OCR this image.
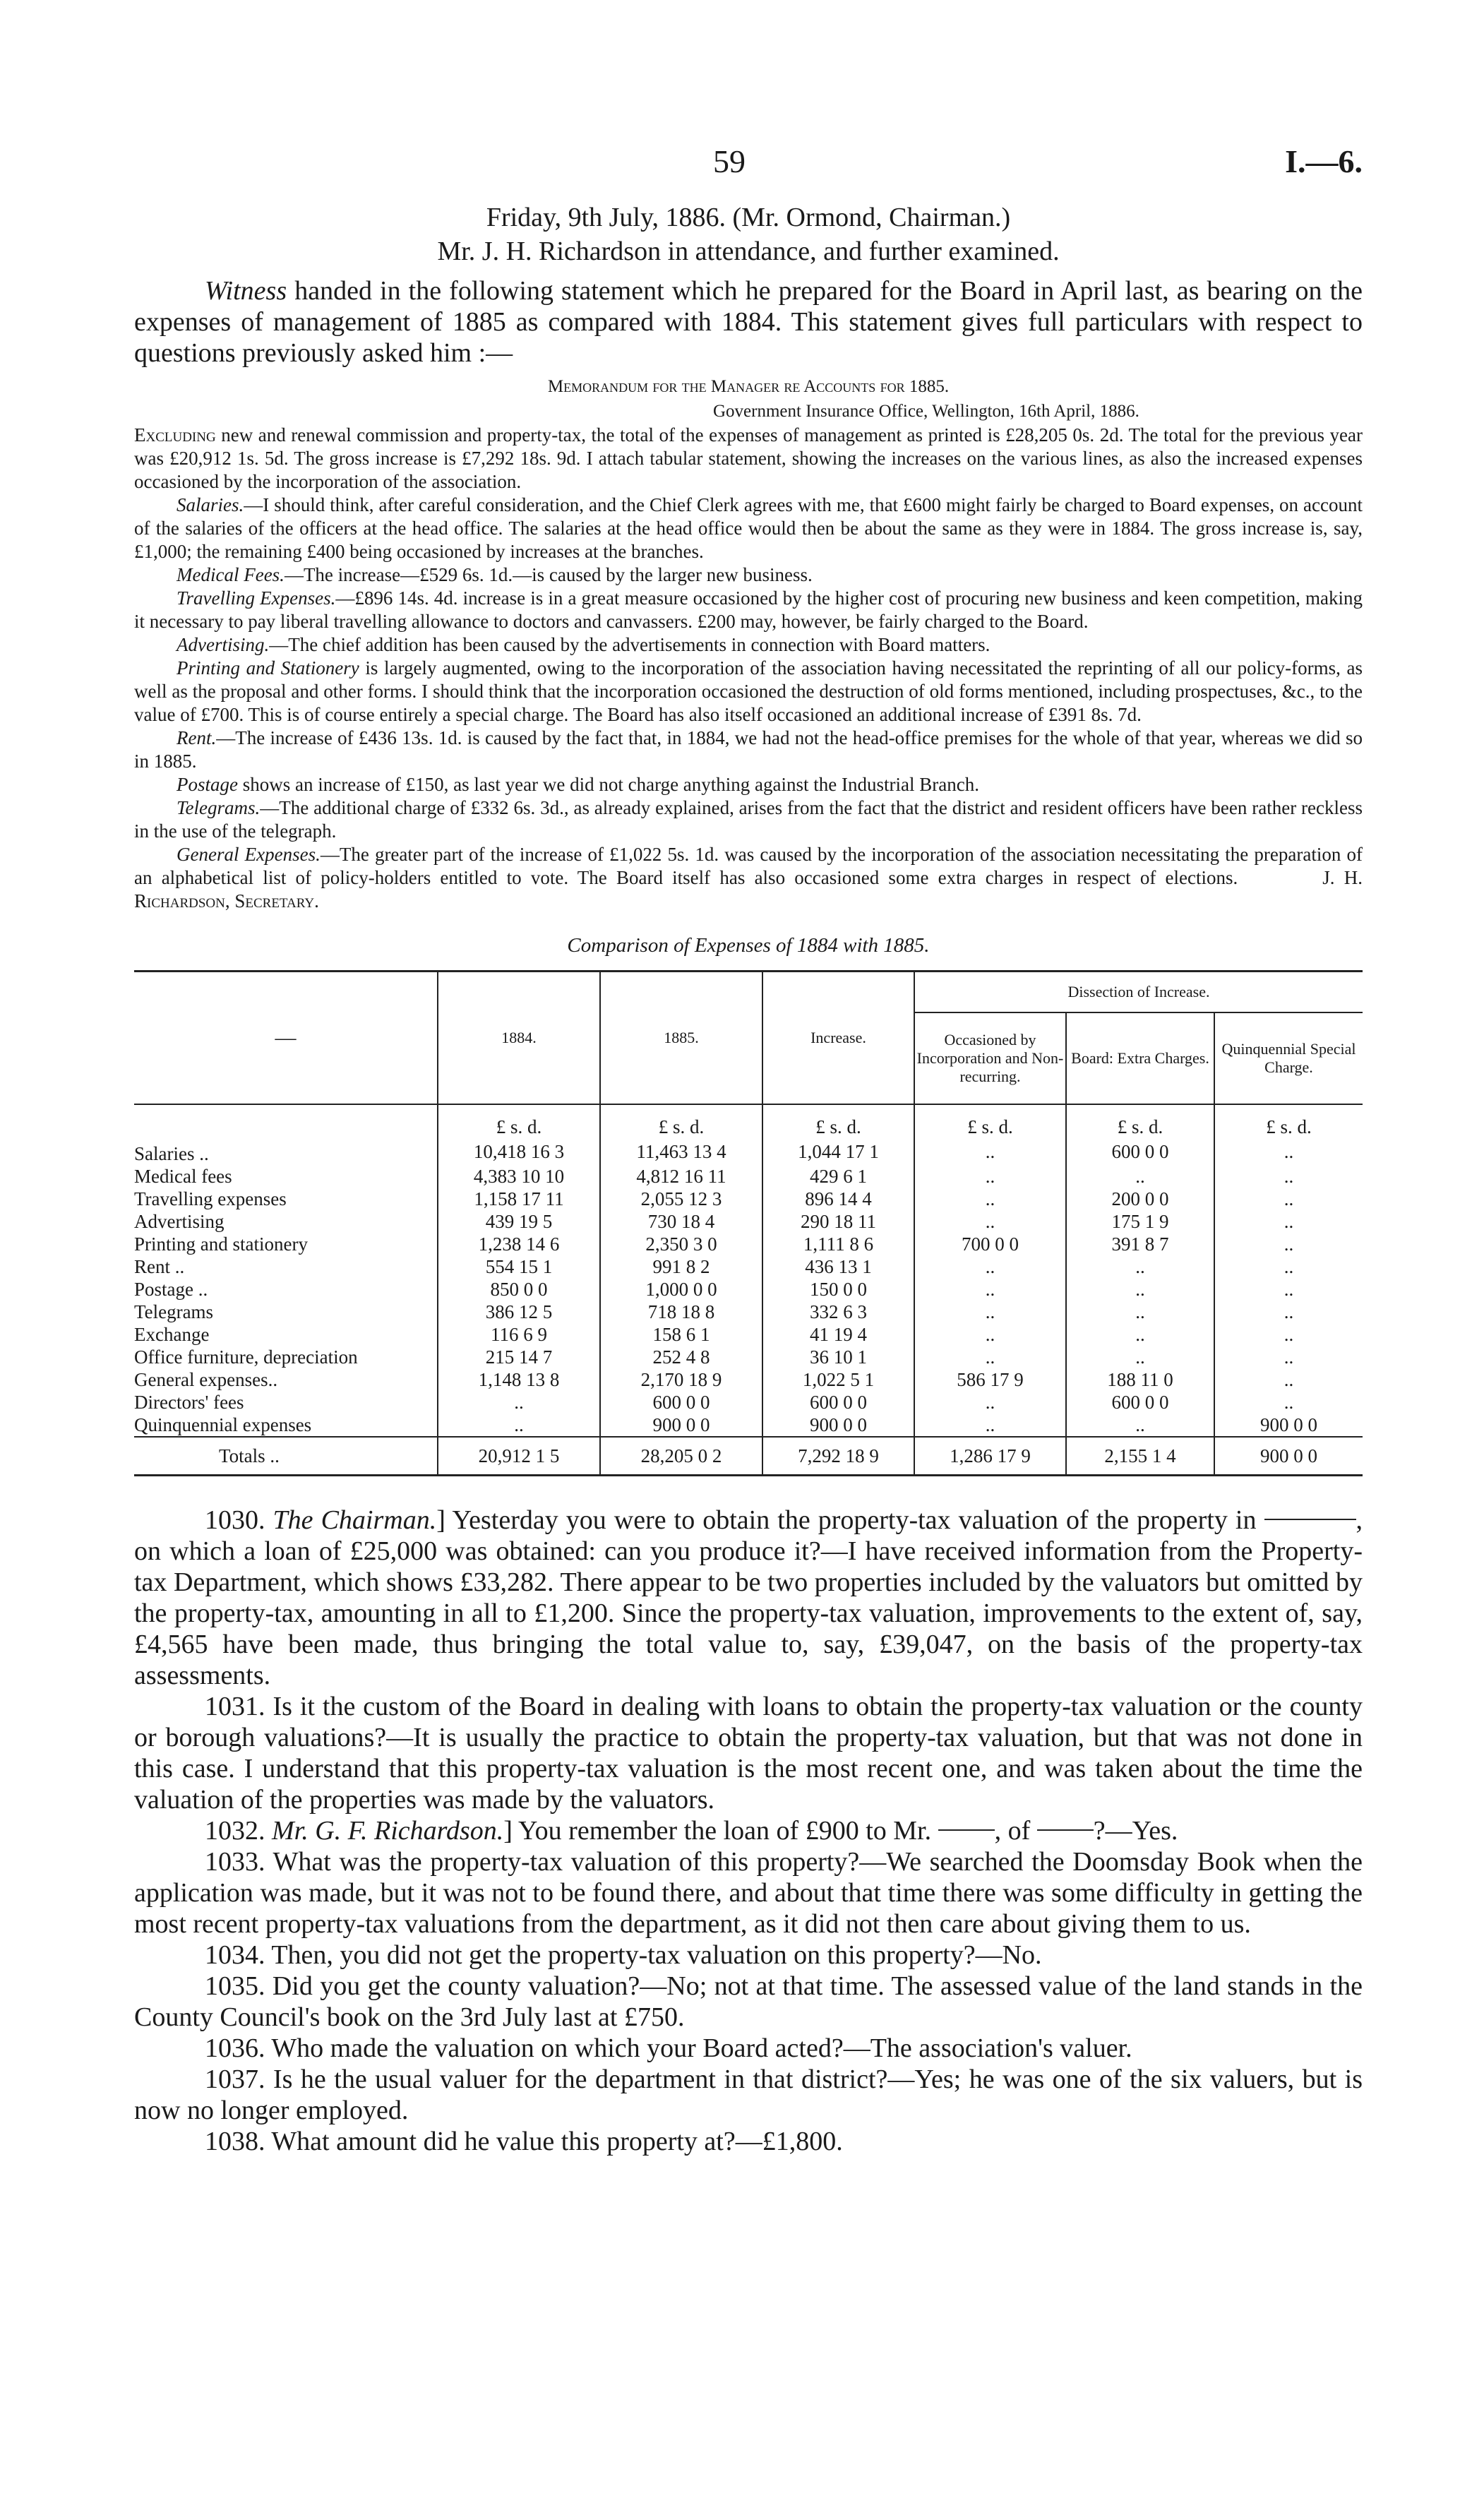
59	I.—6.
Friday, 9th July, 1886. (Mr. Ormond, Chairman.)
Mr. J. H. Richardson in attendance, and further examined.

Witness handed in the following statement which he prepared for the Board in April last, as bearing on the expenses of management of 1885 as compared with 1884. This statement gives full particulars with respect to questions previously asked him :—

Memorandum for the Manager re Accounts for 1885.
Government Insurance Office, Wellington, 16th April, 1886.

Excluding new and renewal commission and property-tax, the total of the expenses of management as printed is £28,205 0s. 2d. The total for the previous year was £20,912 1s. 5d. The gross increase is £7,292 18s. 9d. I attach tabular statement, showing the increases on the various lines, as also the increased expenses occasioned by the incorporation of the association.

Salaries.—I should think, after careful consideration, and the Chief Clerk agrees with me, that £600 might fairly be charged to Board expenses, on account of the salaries of the officers at the head office. The salaries at the head office would then be about the same as they were in 1884. The gross increase is, say, £1,000; the remaining £400 being occasioned by increases at the branches.

Medical Fees.—The increase—£529 6s. 1d.—is caused by the larger new business.

Travelling Expenses.—£896 14s. 4d. increase is in a great measure occasioned by the higher cost of procuring new business and keen competition, making it necessary to pay liberal travelling allowance to doctors and canvassers. £200 may, however, be fairly charged to the Board.

Advertising.—The chief addition has been caused by the advertisements in connection with Board matters.

Printing and Stationery is largely augmented, owing to the incorporation of the association having necessitated the reprinting of all our policy-forms, as well as the proposal and other forms. I should think that the incorporation occasioned the destruction of old forms mentioned, including prospectuses, &c., to the value of £700. This is of course entirely a special charge. The Board has also itself occasioned an additional increase of £391 8s. 7d.

Rent.—The increase of £436 13s. 1d. is caused by the fact that, in 1884, we had not the head-office premises for the whole of that year, whereas we did so in 1885.

Postage shows an increase of £150, as last year we did not charge anything against the Industrial Branch.

Telegrams.—The additional charge of £332 6s. 3d., as already explained, arises from the fact that the district and resident officers have been rather reckless in the use of the telegraph.

General Expenses.—The greater part of the increase of £1,022 5s. 1d. was caused by the incorporation of the association necessitating the preparation of an alphabetical list of policy-holders entitled to vote. The Board itself has also occasioned some extra charges in respect of elections.	J. H. Richardson, Secretary.

Comparison of Expenses of 1884 with 1885.
—	1884.	1885.	Increase.	Dissection of Increase.		
				Occasioned by Incorporation and Non-recurring.	Board: Extra Charges.	Quinquennial Special Charge.
	£ s. d.	£ s. d.	£ s. d.	£ s. d.	£ s. d.	£ s. d.
Salaries ..	10,418 16 3	11,463 13 4	1,044 17 1	..	600 0 0	..
Medical fees	4,383 10 10	4,812 16 11	429 6 1	..	..	..
Travelling expenses	1,158 17 11	2,055 12 3	896 14 4	..	200 0 0	..
Advertising	439 19 5	730 18 4	290 18 11	..	175 1 9	..
Printing and stationery	1,238 14 6	2,350 3 0	1,111 8 6	700 0 0	391 8 7	..
Rent ..	554 15 1	991 8 2	436 13 1	..	..	..
Postage ..	850 0 0	1,000 0 0	150 0 0	..	..	..
Telegrams	386 12 5	718 18 8	332 6 3	..	..	..
Exchange	116 6 9	158 6 1	41 19 4	..	..	..
Office furniture, depreciation	215 14 7	252 4 8	36 10 1	..	..	..
General expenses..	1,148 13 8	2,170 18 9	1,022 5 1	586 17 9	188 11 0	..
Directors' fees	..	600 0 0	600 0 0	..	600 0 0	..
Quinquennial expenses	..	900 0 0	900 0 0	..	..	900 0 0
Totals ..	20,912 1 5	28,205 0 2	7,292 18 9	1,286 17 9	2,155 1 4	900 0 0

1030. The Chairman.] Yesterday you were to obtain the property-tax valuation of the property in	, on which a loan of £25,000 was obtained: can you produce it?—I have received information from the Property-tax Department, which shows £33,282. There appear to be two properties included by the valuators but omitted by the property-tax, amounting in all to £1,200. Since the property-tax valuation, improvements to the extent of, say, £4,565 have been made, thus bringing the total value to, say, £39,047, on the basis of the property-tax assessments.

1031. Is it the custom of the Board in dealing with loans to obtain the property-tax valuation or the county or borough valuations?—It is usually the practice to obtain the property-tax valuation, but that was not done in this case. I understand that this property-tax valuation is the most recent one, and was taken about the time the valuation of the properties was made by the valuators.

1032. Mr. G. F. Richardson.] You remember the loan of £900 to Mr. , of ?—Yes.

1033. What was the property-tax valuation of this property?—We searched the Doomsday Book when the application was made, but it was not to be found there, and about that time there was some difficulty in getting the most recent property-tax valuations from the department, as it did not then care about giving them to us.

1034. Then, you did not get the property-tax valuation on this property?—No.

1035. Did you get the county valuation?—No; not at that time. The assessed value of the land stands in the County Council's book on the 3rd July last at £750.

1036. Who made the valuation on which your Board acted?—The association's valuer.

1037. Is he the usual valuer for the department in that district?—Yes; he was one of the six valuers, but is now no longer employed.

1038. What amount did he value this property at?—£1,800.
